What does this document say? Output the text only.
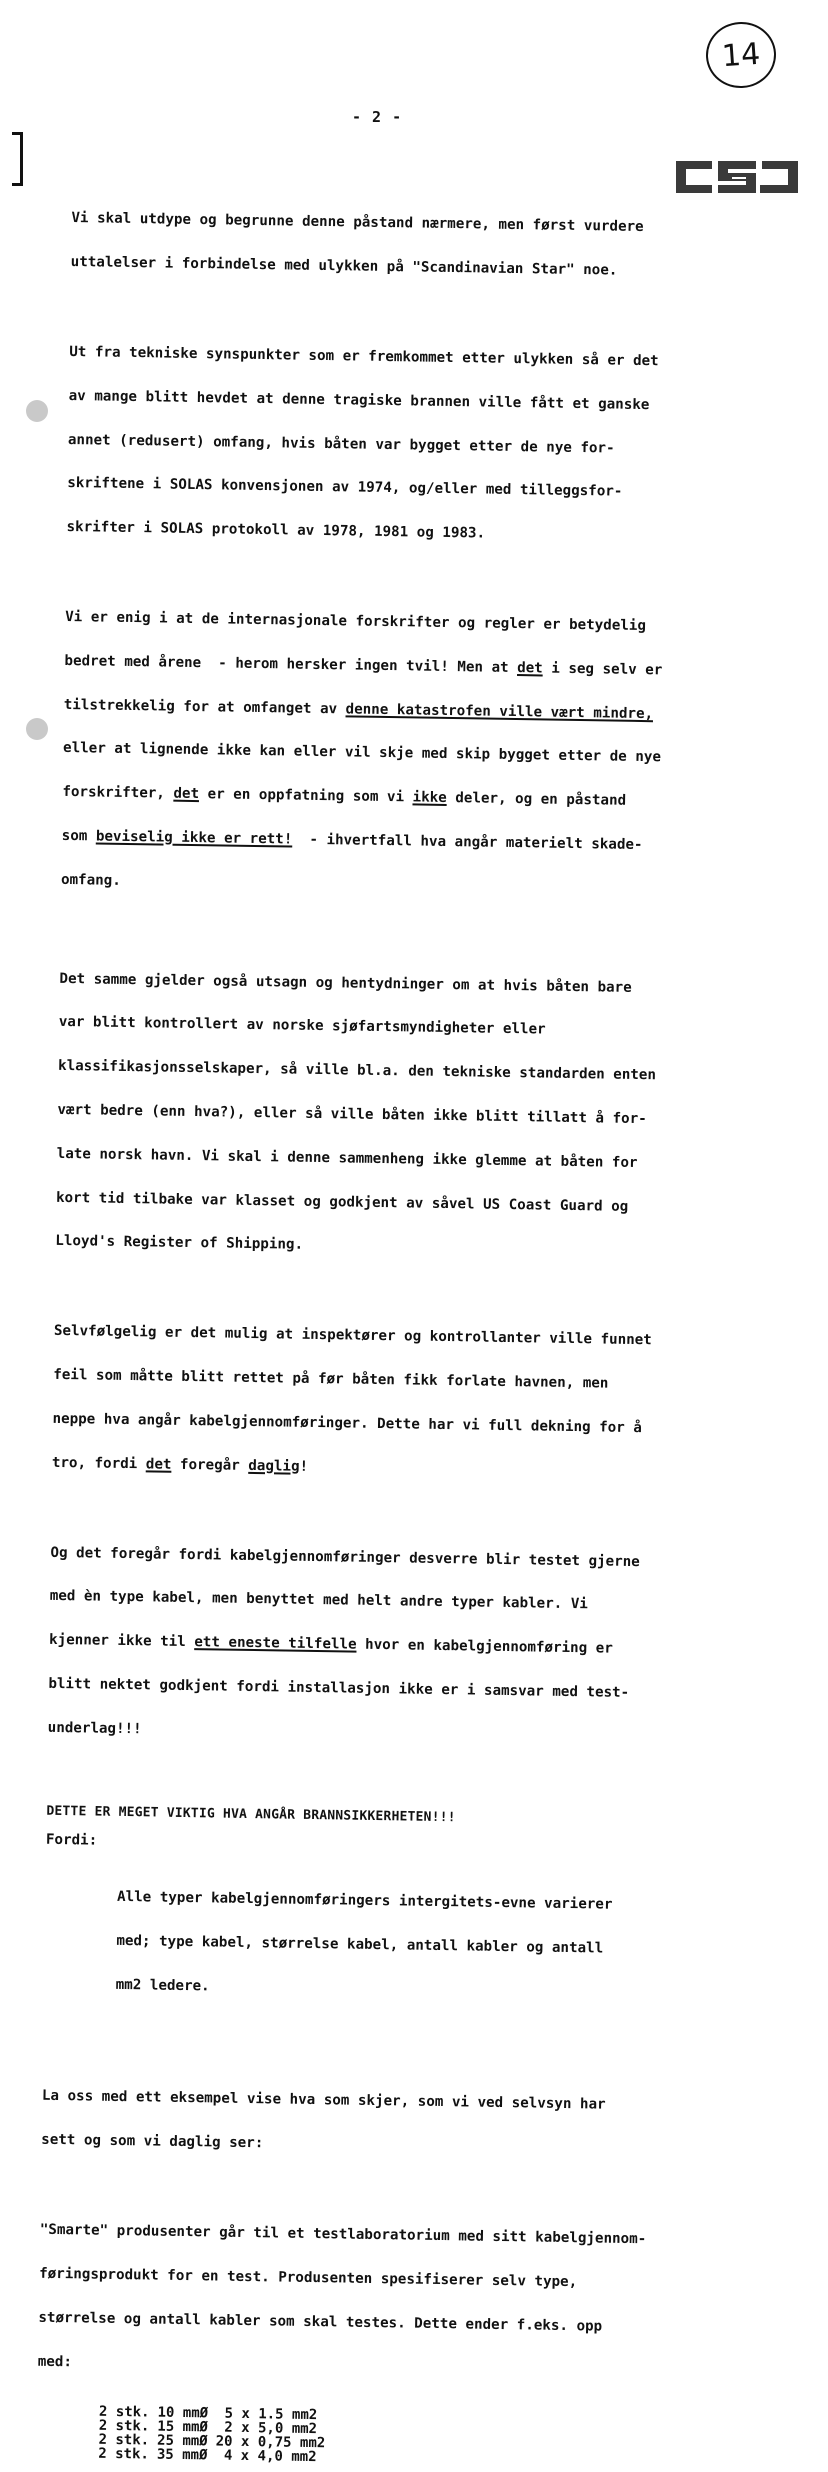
14
- 2 -

Vi skal utdype og begrunne denne påstand nærmere, men først vurdere

uttalelser i forbindelse med ulykken på "Scandinavian Star" noe.

Ut fra tekniske synspunkter som er fremkommet etter ulykken så er det

av mange blitt hevdet at denne tragiske brannen ville fått et ganske

annet (redusert) omfang, hvis båten var bygget etter de nye for-

skriftene i SOLAS konvensjonen av 1974, og/eller med tilleggsfor-

skrifter i SOLAS protokoll av 1978, 1981 og 1983.

Vi er enig i at de internasjonale forskrifter og regler er betydelig

bedret med årene  - herom hersker ingen tvil! Men at det i seg selv er

tilstrekkelig for at omfanget av denne katastrofen ville vært mindre,

eller at lignende ikke kan eller vil skje med skip bygget etter de nye

forskrifter, det er en oppfatning som vi ikke deler, og en påstand

som beviselig ikke er rett!  - ihvertfall hva angår materielt skade-

omfang.

Det samme gjelder også utsagn og hentydninger om at hvis båten bare

var blitt kontrollert av norske sjøfartsmyndigheter eller

klassifikasjonsselskaper, så ville bl.a. den tekniske standarden enten

vært bedre (enn hva?), eller så ville båten ikke blitt tillatt å for-

late norsk havn. Vi skal i denne sammenheng ikke glemme at båten for

kort tid tilbake var klasset og godkjent av såvel US Coast Guard og

Lloyd's Register of Shipping.

Selvfølgelig er det mulig at inspektører og kontrollanter ville funnet

feil som måtte blitt rettet på før båten fikk forlate havnen, men

neppe hva angår kabelgjennomføringer. Dette har vi full dekning for å

tro, fordi det foregår daglig!

Og det foregår fordi kabelgjennomføringer desverre blir testet gjerne

med èn type kabel, men benyttet med helt andre typer kabler. Vi

kjenner ikke til ett eneste tilfelle hvor en kabelgjennomføring er

blitt nektet godkjent fordi installasjon ikke er i samsvar med test-

underlag!!!

DETTE ER MEGET VIKTIG HVA ANGÅR BRANNSIKKERHETEN!!!
Fordi:

Alle typer kabelgjennomføringers intergitets-evne varierer

med; type kabel, størrelse kabel, antall kabler og antall

mm2 ledere.

La oss med ett eksempel vise hva som skjer, som vi ved selvsyn har

sett og som vi daglig ser:

"Smarte" produsenter går til et testlaboratorium med sitt kabelgjennom-

føringsprodukt for en test. Produsenten spesifiserer selv type,

størrelse og antall kabler som skal testes. Dette ender f.eks. opp

med:

2 stk.	10 mmØ	5 x 1.5 mm2
2 stk.	15 mmØ	2 x 5,0 mm2
2 stk.	25 mmØ	20 x 0,75 mm2
2 stk.	35 mmØ	4 x 4,0 mm2
